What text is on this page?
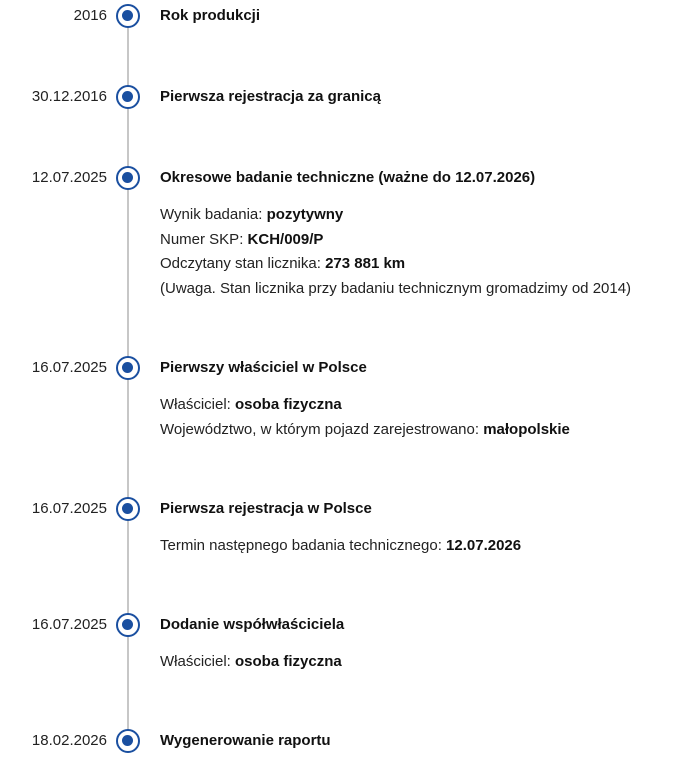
2016	Rok produkcji
30.12.2016	Pierwsza rejestracja za granicą
12.07.2025	Okresowe badanie techniczne (ważne do 12.07.2026)
Wynik badania: pozytywny
Numer SKP: KCH/009/P
Odczytany stan licznika: 273 881 km
(Uwaga. Stan licznika przy badaniu technicznym gromadzimy od 2014)
16.07.2025	Pierwszy właściciel w Polsce
Właściciel: osoba fizyczna
Województwo, w którym pojazd zarejestrowano: małopolskie
16.07.2025	Pierwsza rejestracja w Polsce
Termin następnego badania technicznego: 12.07.2026
16.07.2025	Dodanie współwłaściciela
Właściciel: osoba fizyczna
18.02.2026	Wygenerowanie raportu
